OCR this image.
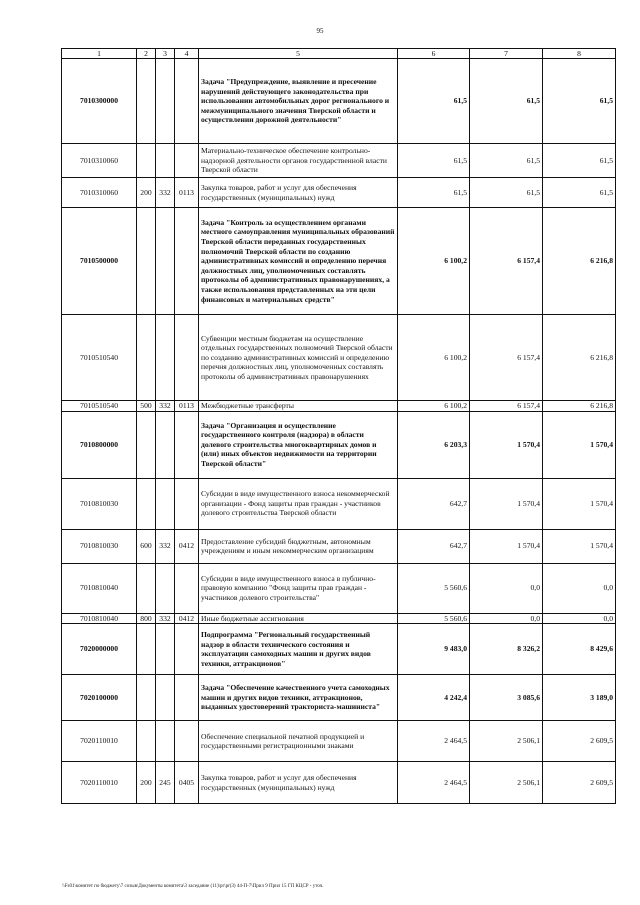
95
1	2	3	4	5	6	7	8
7010300000				Задача "Предупреждение, выявление и пресечение нарушений действующего законодательства при использовании автомобильных дорог регионального и межмуниципального значения Тверской области и осуществлении дорожной деятельности"	61,5	61,5	61,5
7010310060				Материально-техническое обеспечение контрольно-надзорной деятельности органов государственной власти Тверской области	61,5	61,5	61,5
7010310060	200	332	0113	Закупка товаров, работ и услуг для обеспечения государственных (муниципальных) нужд	61,5	61,5	61,5
7010500000				Задача "Контроль за осуществлением органами местного самоуправления муниципальных образований Тверской области переданных государственных полномочий Тверской области по созданию административных комиссий и определению перечня должностных лиц, уполномоченных составлять протоколы об административных правонарушениях, а также использования представленных на эти цели финансовых и материальных средств"	6 100,2	6 157,4	6 216,8
7010510540				Субвенции местным бюджетам на осуществление отдельных государственных полномочий Тверской области по созданию административных комиссий и определению перечня должностных лиц, уполномоченных составлять протоколы об административных правонарушениях	6 100,2	6 157,4	6 216,8
7010510540	500	332	0113	Межбюджетные трансферты	6 100,2	6 157,4	6 216,8
7010800000				Задача "Организация и осуществление государственного контроля (надзора) в области долевого строительства многоквартирных домов и (или) иных объектов недвижимости на территории Тверской области"	6 203,3	1 570,4	1 570,4
7010810030				Субсидии в виде имущественного взноса некоммерческой организации - Фонд защиты прав граждан - участников долевого строительства Тверской области	642,7	1 570,4	1 570,4
7010810030	600	332	0412	Предоставление субсидий бюджетным, автономным учреждениям и иным некоммерческим организациям	642,7	1 570,4	1 570,4
7010810040				Субсидии в виде имущественного взноса в публично-правовую компанию "Фонд защиты прав граждан - участников долевого строительства"	5 560,6	0,0	0,0
7010810040	800	332	0412	Иные бюджетные ассигнования	5 560,6	0,0	0,0
7020000000				Подпрограмма "Региональный государственный надзор в области технического состояния и эксплуатации самоходных машин и других видов техники, аттракционов"	9 483,0	8 326,2	8 429,6
7020100000				Задача "Обеспечение качественного учета самоходных машин и других видов техники, аттракционов, выданных удостоверений тракториста-машиниста"	4 242,4	3 085,6	3 189,0
7020110010				Обеспечение специальной печатной продукцией и государственными регистрационными знаками	2 464,5	2 506,1	2 609,5
7020110010	200	245	0405	Закупка товаров, работ и услуг для обеспечения государственных (муниципальных) нужд	2 464,5	2 506,1	2 609,5
\\Fs01\комитет по бюджету\7 созыв\Документы комитета\3 заседание (11)\pr\pr(3) 44-П-7\Прил 9 Прил 15 ГП КЦСР - уточ.
